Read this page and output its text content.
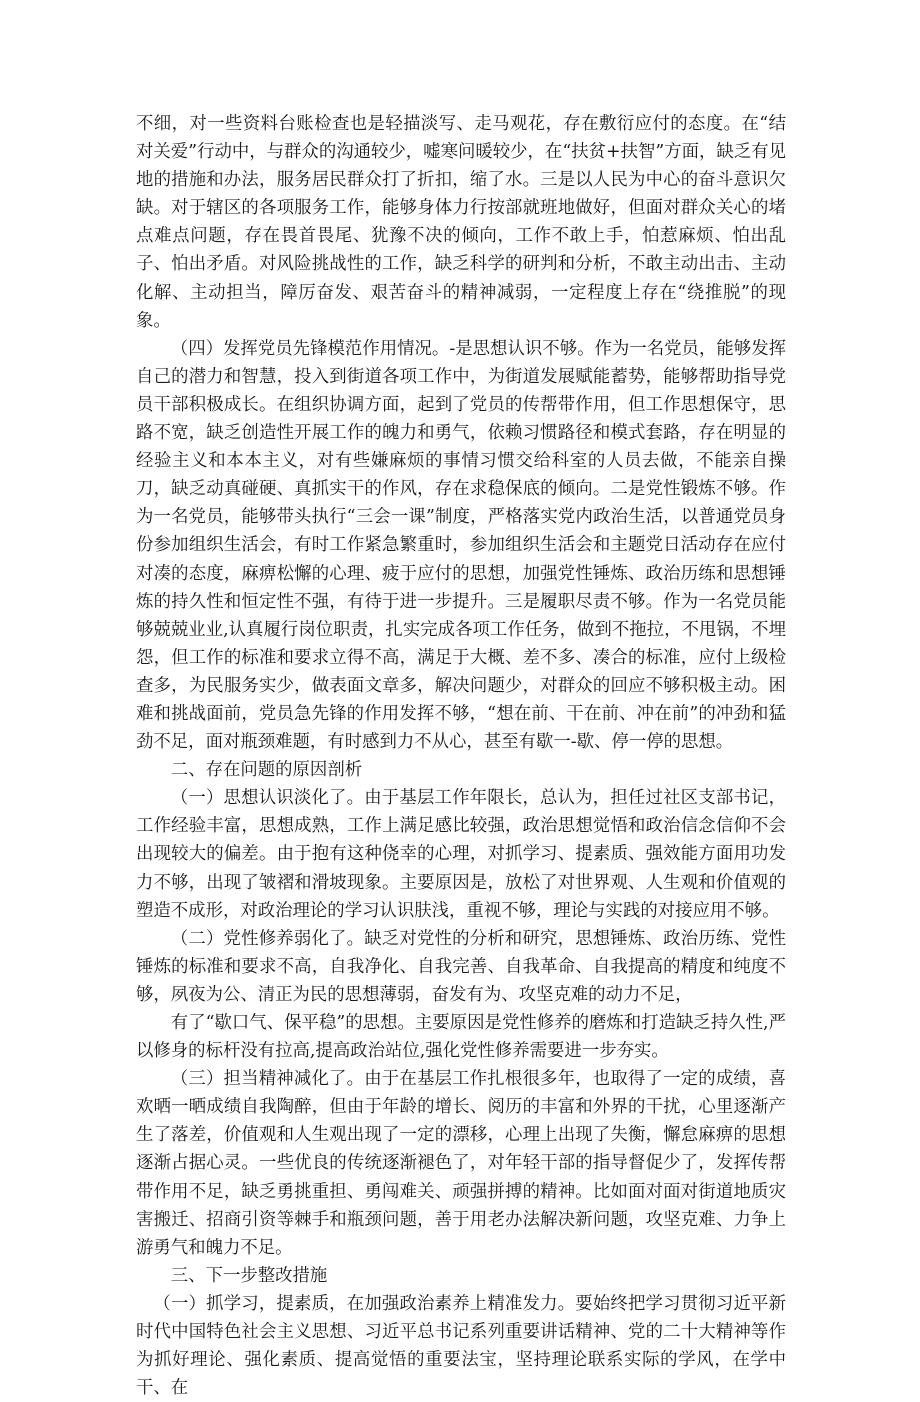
不细，对一些资料台账检查也是轻描淡写、走马观花，存在敷衍应付的态度。在“结对关爱”行动中，与群众的沟通较少，嘘寒问暖较少，在“扶贫+扶智”方面，缺乏有见地的措施和办法，服务居民群众打了折扣，缩了水。三是以人民为中心的奋斗意识欠缺。对于辖区的各项服务工作，能够身体力行按部就班地做好，但面对群众关心的堵点难点问题，存在畏首畏尾、犹豫不决的倾向，工作不敢上手，怕惹麻烦、怕出乱子、怕出矛盾。对风险挑战性的工作，缺乏科学的研判和分析，不敢主动出击、主动化解、主动担当，障厉奋发、艰苦奋斗的精神减弱，一定程度上存在“绕推脱”的现象。

（四）发挥党员先锋模范作用情况。-是思想认识不够。作为一名党员，能够发挥自己的潜力和智慧，投入到街道各项工作中，为街道发展赋能蓄势，能够帮助指导党员干部积极成长。在组织协调方面，起到了党员的传帮带作用，但工作思想保守，思路不宽，缺乏创造性开展工作的魄力和勇气，依赖习惯路径和模式套路，存在明显的经验主义和本本主义，对有些嫌麻烦的事情习惯交给科室的人员去做，不能亲自操刀，缺乏动真碰硬、真抓实干的作风，存在求稳保底的倾向。二是党性锻炼不够。作为一名党员，能够带头执行“三会一课”制度，严格落实党内政治生活，以普通党员身份参加组织生活会，有时工作紧急繁重时，参加组织生活会和主题党日活动存在应付对凑的态度，麻痹松懈的心理、疲于应付的思想，加强党性锤炼、政治历练和思想锤炼的持久性和恒定性不强，有待于进一步提升。三是履职尽责不够。作为一名党员能够兢兢业业,认真履行岗位职责，扎实完成各项工作任务，做到不拖拉，不甩锅，不埋怨，但工作的标准和要求立得不高，满足于大概、差不多、凑合的标准，应付上级检查多，为民服务实少，做表面文章多，解决问题少，对群众的回应不够积极主动。困难和挑战面前，党员急先锋的作用发挥不够，“想在前、干在前、冲在前”的冲劲和猛劲不足，面对瓶颈难题，有时感到力不从心，甚至有歇一-歇、停一停的思想。

二、存在问题的原因剖析

（一）思想认识淡化了。由于基层工作年限长，总认为，担任过社区支部书记，工作经验丰富，思想成熟，工作上满足感比较强，政治思想觉悟和政治信念信仰不会出现较大的偏差。由于抱有这种侥幸的心理，对抓学习、提素质、强效能方面用功发力不够，出现了皱褶和滑坡现象。主要原因是，放松了对世界观、人生观和价值观的塑造不成形，对政治理论的学习认识肤浅，重视不够，理论与实践的对接应用不够。

（二）党性修养弱化了。缺乏对党性的分析和研究，思想锤炼、政治历练、党性锤炼的标准和要求不高，自我净化、自我完善、自我革命、自我提高的精度和纯度不够，夙夜为公、清正为民的思想薄弱，奋发有为、攻坚克难的动力不足，

有了“歇口气、保平稳”的思想。主要原因是党性修养的磨炼和打造缺乏持久性,严以修身的标杆没有拉高,提高政治站位,强化党性修养需要进一步夯实。

（三）担当精神减化了。由于在基层工作扎根很多年，也取得了一定的成绩，喜欢晒一晒成绩自我陶醉，但由于年龄的增长、阅历的丰富和外界的干扰，心里逐渐产生了落差，价值观和人生观出现了一定的漂移，心理上出现了失衡，懈怠麻痹的思想逐渐占据心灵。一些优良的传统逐渐褪色了，对年轻干部的指导督促少了，发挥传帮带作用不足，缺乏勇挑重担、勇闯难关、顽强拼搏的精神。比如面对面对街道地质灾害搬迁、招商引资等棘手和瓶颈问题，善于用老办法解决新问题，攻坚克难、力争上游勇气和魄力不足。

三、下一步整改措施

（一）抓学习，提素质，在加强政治素养上精准发力。要始终把学习贯彻习近平新时代中国特色社会主义思想、习近平总书记系列重要讲话精神、党的二十大精神等作为抓好理论、强化素质、提高觉悟的重要法宝，坚持理论联系实际的学风，在学中干、在
